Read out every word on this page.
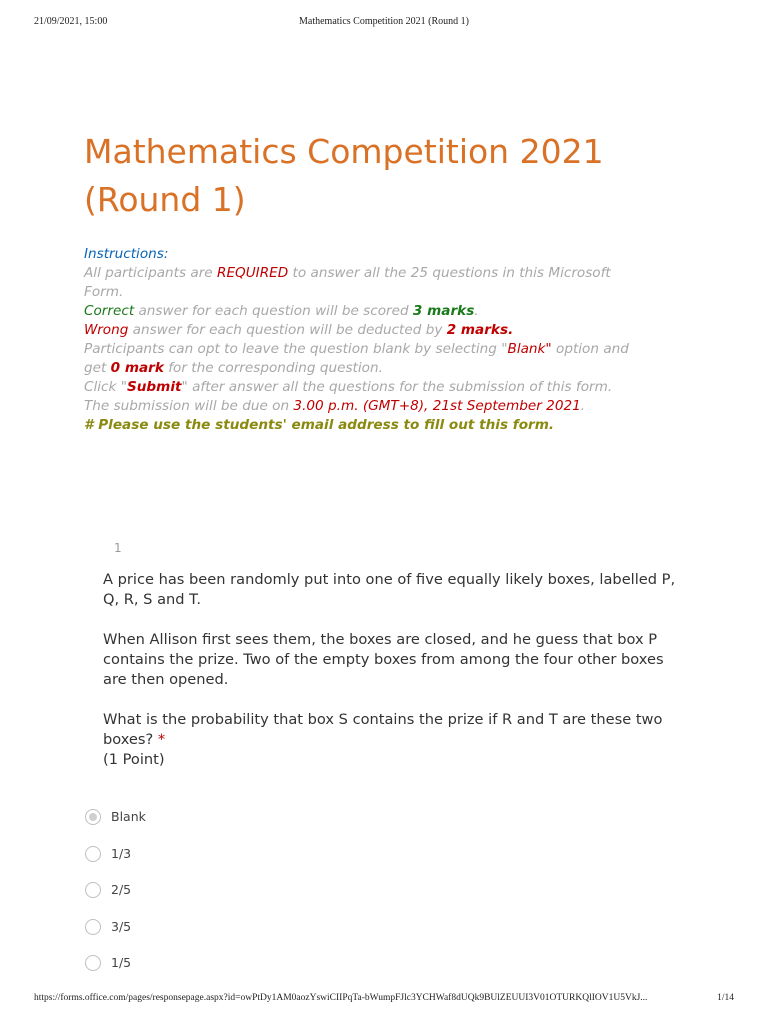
21/09/2021, 15:00	Mathematics Competition 2021 (Round 1)
Mathematics Competition 2021
(Round 1)
Instructions:
All participants are REQUIRED to answer all the 25 questions in this Microsoft
Form.
Correct answer for each question will be scored 3 marks.
Wrong answer for each question will be deducted by 2 marks.
Participants can opt to leave the question blank by selecting "Blank" option and
get 0 mark for the corresponding question.
Click "Submit" after answer all the questions for the submission of this form.
The submission will be due on 3.00 p.m. (GMT+8), 21st September 2021.
# Please use the students' email address to fill out this form.
1

A price has been randomly put into one of five equally likely boxes, labelled P, Q, R, S and T.

When Allison first sees them, the boxes are closed, and he guess that box P contains the prize. Two of the empty boxes from among the four other boxes are then opened.

What is the probability that box S contains the prize if R and T are these two boxes? *

(1 Point)
Blank
1/3
2/5
3/5
1/5
https://forms.office.com/pages/responsepage.aspx?id=owPtDy1AM0aozYswiCIIPqTa-bWumpFJlc3YCHWaf8dUQk9BUlZEUUI3V01OTURKQlIOV1U5VkJ...	1/14
